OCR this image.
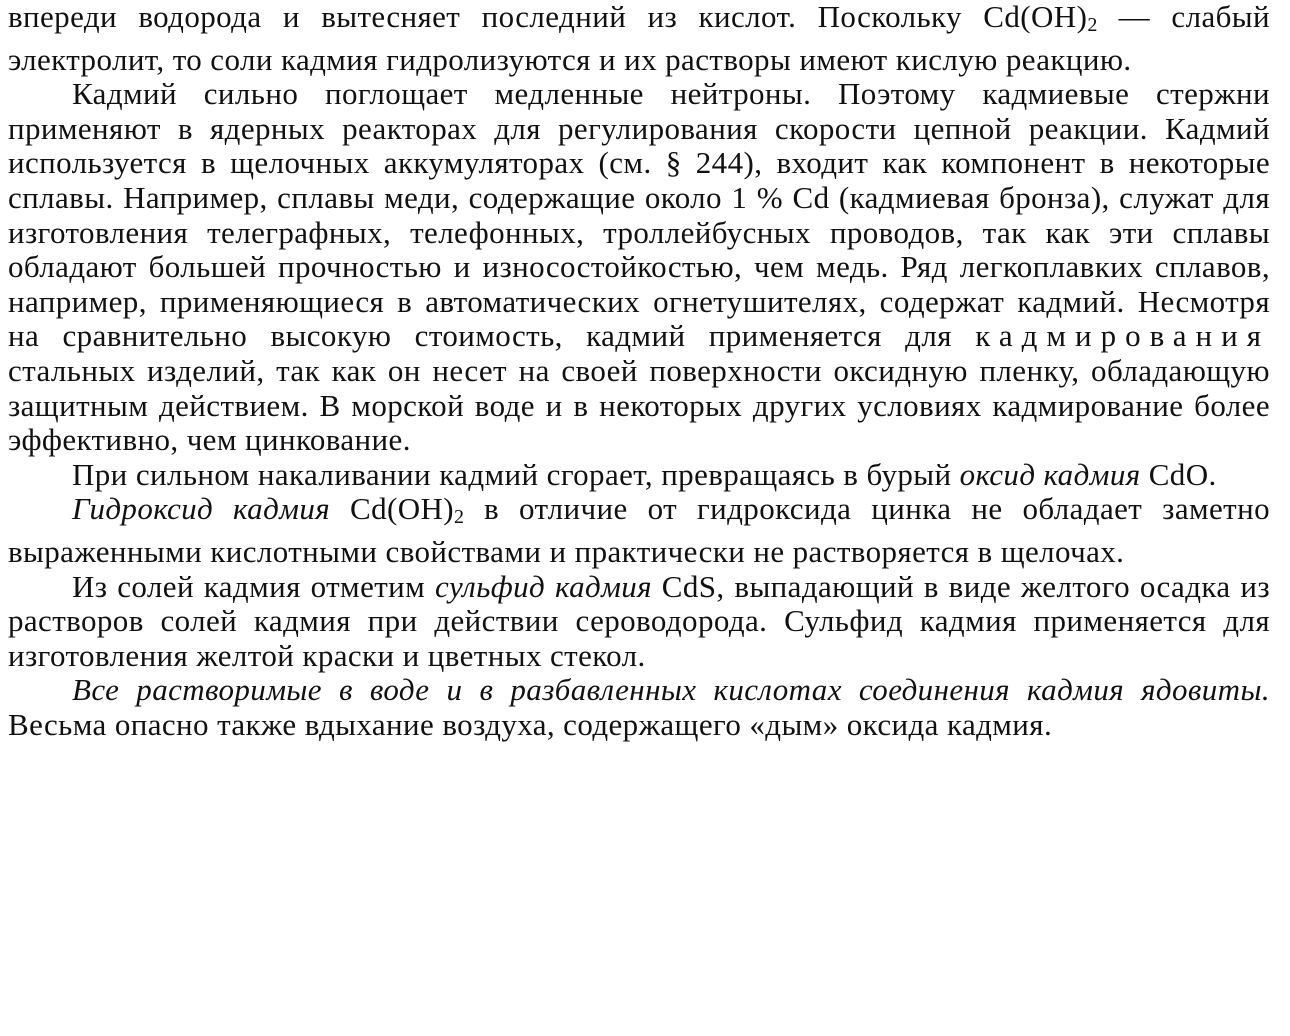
впереди водорода и вытесняет последний из кислот. Поскольку $Cd(OH)_2$ — слабый электролит, то соли кадмия гидролизуются и их растворы имеют кислую реакцию.

Кадмий сильно поглощает медленные нейтроны. Поэтому кадмиевые стержни применяют в ядерных реакторах для регулирования скорости цепной реакции. Кадмий используется в щелочных аккумуляторах (см. § 244), входит как компонент в некоторые сплавы. Например, сплавы меди, содержащие около 1 % Cd (кадмиевая бронза), служат для изготовления телеграфных, телефонных, троллейбусных проводов, так как эти сплавы обладают большей прочностью и износостойкостью, чем медь. Ряд легкоплавких сплавов, например, применяющиеся в автоматических огнетушителях, содержат кадмий. Несмотря на сравнительно высокую стоимость, кадмий применяется для кадмирования стальных изделий, так как он несет на своей поверхности оксидную пленку, обладающую защитным действием. В морской воде и в некоторых других условиях кадмирование более эффективно, чем цинкование.

При сильном накаливании кадмий сгорает, превращаясь в бурый оксид кадмия CdO.

Гидроксид кадмия $Cd(OH)_2$ в отличие от гидроксида цинка не обладает заметно выраженными кислотными свойствами и практически не растворяется в щелочах.

Из солей кадмия отметим сульфид кадмия CdS, выпадающий в виде желтого осадка из растворов солей кадмия при действии сероводорода. Сульфид кадмия применяется для изготовления желтой краски и цветных стекол.

Все растворимые в воде и в разбавленных кислотах соединения кадмия ядовиты. Весьма опасно также вдыхание воздуха, содержащего «дым» оксида кадмия.
